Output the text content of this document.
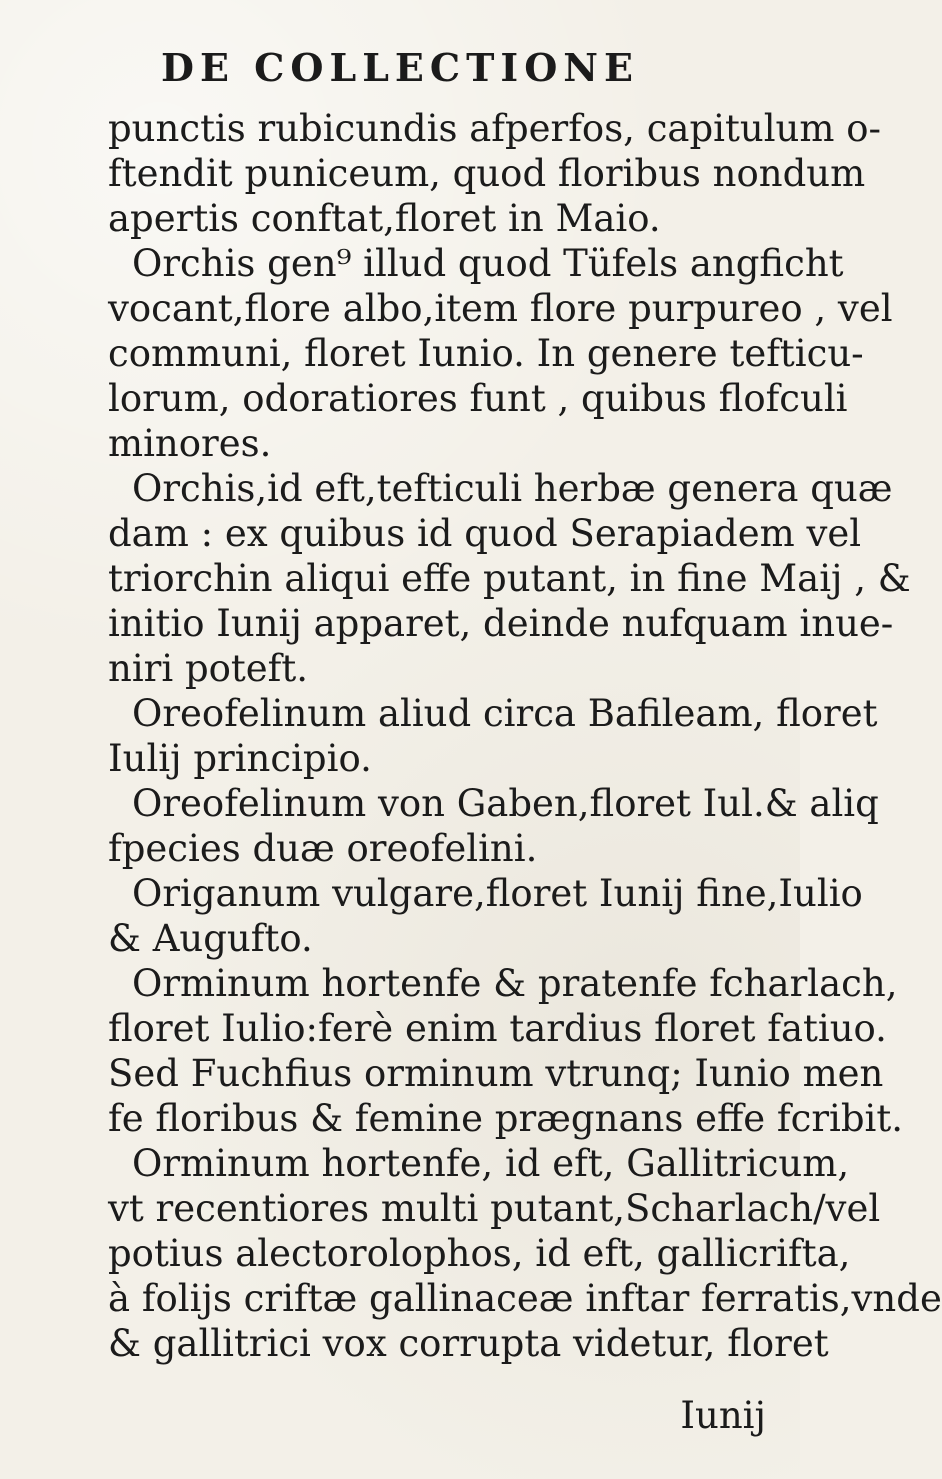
DE COLLECTIONE
punctis rubicundis afperfos, capitulum o-
ftendit puniceum, quod floribus nondum
apertis conftat,floret in Maio.
Orchis gen⁹ illud quod Tüfels angficht
vocant,flore albo,item flore purpureo , vel
communi, floret Iunio. In genere tefticu-
lorum, odoratiores funt , quibus flofculi
minores.
Orchis,id eft,tefticuli herbæ genera quæ
dam : ex quibus id quod Serapiadem vel
triorchin aliqui effe putant, in fine Maij , &
initio Iunij apparet, deinde nufquam inue-
niri poteft.
Oreofelinum aliud circa Bafileam, floret
Iulij principio.
Oreofelinum von Gaben,floret Iul.& aliq
fpecies duæ oreofelini.
Origanum vulgare,floret Iunij fine,Iulio
& Augufto.
Orminum hortenfe & pratenfe fcharlach,
floret Iulio:ferè enim tardius floret fatiuo.
Sed Fuchfius orminum vtrunq; Iunio men
fe floribus & femine prægnans effe fcribit.
Orminum hortenfe, id eft, Gallitricum,
vt recentiores multi putant,Scharlach/vel
potius alectorolophos, id eft, gallicrifta,
à folijs criftæ gallinaceæ inftar ferratis,vnde
& gallitrici vox corrupta videtur, floret
Iunij
